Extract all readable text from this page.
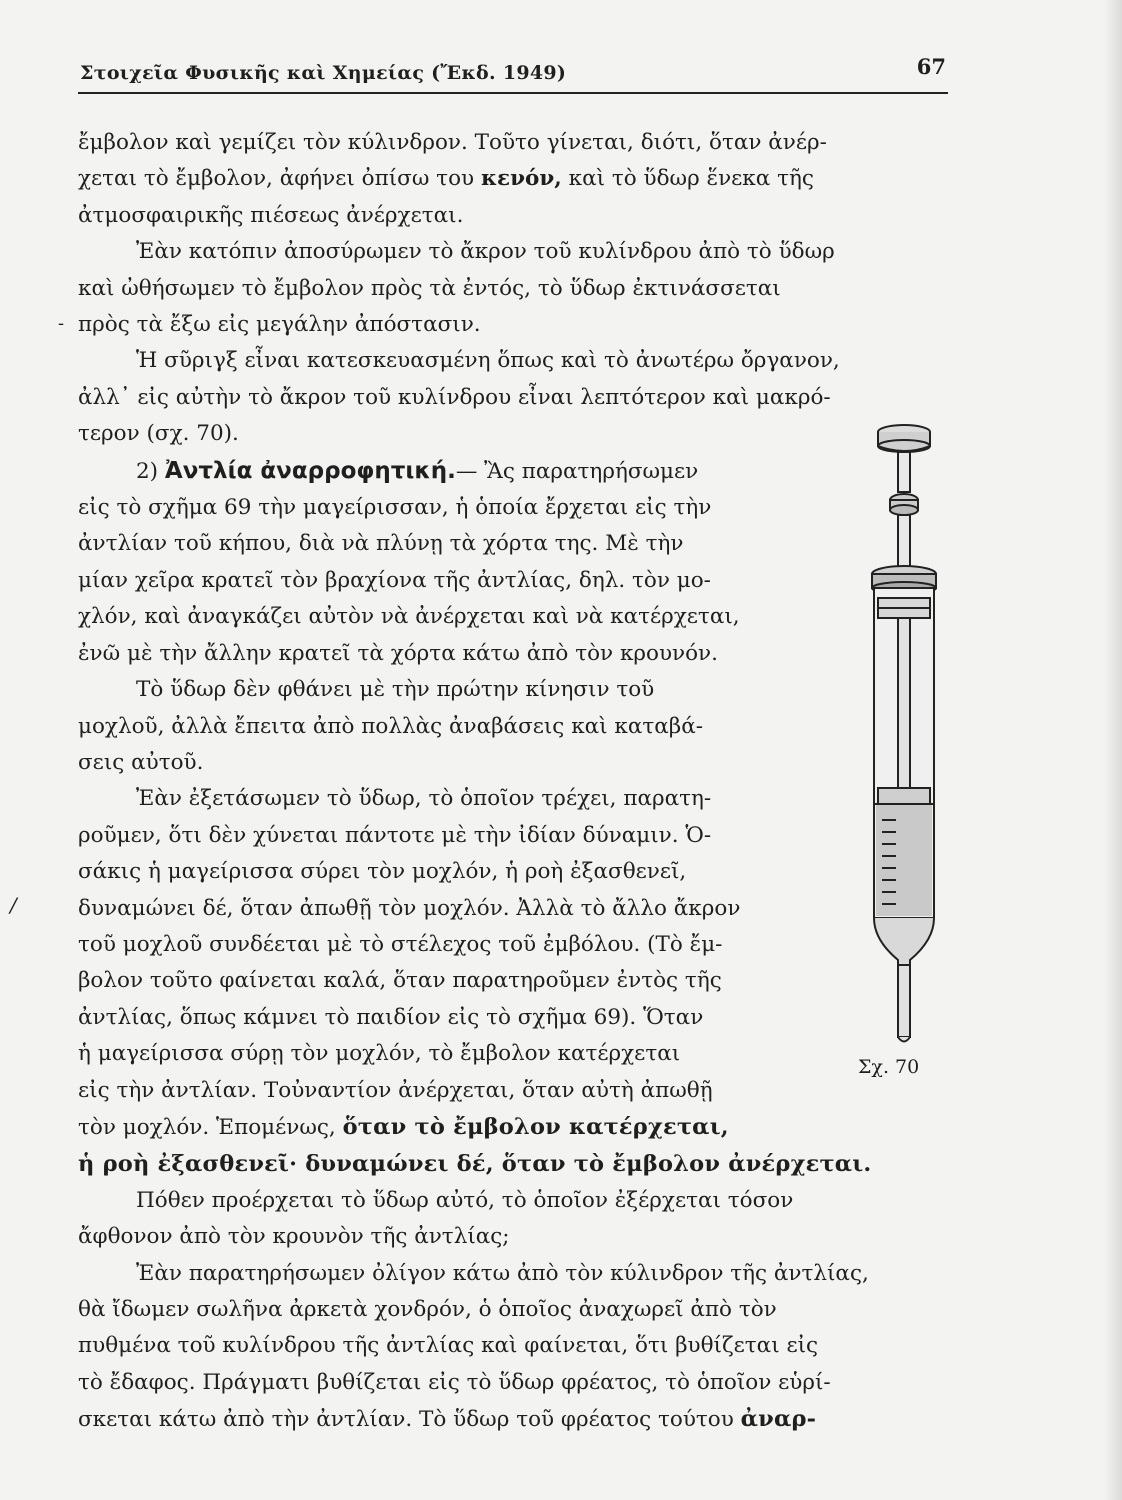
Στοιχεῖα Φυσικῆς καὶ Χημείας (Ἔκδ. 1949)	67
-
/
ἔμβολον καὶ γεμίζει τὸν κύλινδρον. Τοῦτο γίνεται, διότι, ὅταν ἀνέρ-
χεται τὸ ἔμβολον, ἀφήνει ὀπίσω του κενόν, καὶ τὸ ὕδωρ ἕνεκα τῆς
ἀτμοσφαιρικῆς πιέσεως ἀνέρχεται.
Ἐὰν κατόπιν ἀποσύρωμεν τὸ ἄκρον τοῦ κυλίνδρου ἀπὸ τὸ ὕδωρ
καὶ ὠθήσωμεν τὸ ἔμβολον πρὸς τὰ ἐντός, τὸ ὕδωρ ἐκτινάσσεται
πρὸς τὰ ἔξω εἰς μεγάλην ἀπόστασιν.
Ἡ σῦριγξ εἶναι κατεσκευασμένη ὅπως καὶ τὸ ἀνωτέρω ὄργανον,
ἀλλ᾿ εἰς αὐτὴν τὸ ἄκρον τοῦ κυλίνδρου εἶναι λεπτότερον καὶ μακρό-
τερον (σχ. 70).
2) Ἀντλία ἀναρροφητική.— Ἂς παρατηρήσωμεν
εἰς τὸ σχῆμα 69 τὴν μαγείρισσαν, ἡ ὁποία ἔρχεται εἰς τὴν
ἀντλίαν τοῦ κήπου, διὰ νὰ πλύνῃ τὰ χόρτα της. Μὲ τὴν
μίαν χεῖρα κρατεῖ τὸν βραχίονα τῆς ἀντλίας, δηλ. τὸν μο-
χλόν, καὶ ἀναγκάζει αὐτὸν νὰ ἀνέρχεται καὶ νὰ κατέρχεται,
ἐνῶ μὲ τὴν ἄλλην κρατεῖ τὰ χόρτα κάτω ἀπὸ τὸν κρουνόν.
Τὸ ὕδωρ δὲν φθάνει μὲ τὴν πρώτην κίνησιν τοῦ
μοχλοῦ, ἀλλὰ ἔπειτα ἀπὸ πολλὰς ἀναβάσεις καὶ καταβά-
σεις αὐτοῦ.
Ἐὰν ἐξετάσωμεν τὸ ὕδωρ, τὸ ὁποῖον τρέχει, παρατη-
ροῦμεν, ὅτι δὲν χύνεται πάντοτε μὲ τὴν ἰδίαν δύναμιν. Ὁ-
σάκις ἡ μαγείρισσα σύρει τὸν μοχλόν, ἡ ροὴ ἐξασθενεῖ,
δυναμώνει δέ, ὅταν ἀπωθῇ τὸν μοχλόν. Ἀλλὰ τὸ ἄλλο ἄκρον
τοῦ μοχλοῦ συνδέεται μὲ τὸ στέλεχος τοῦ ἐμβόλου. (Τὸ ἔμ-
βολον τοῦτο φαίνεται καλά, ὅταν παρατηροῦμεν ἐντὸς τῆς
ἀντλίας, ὅπως κάμνει τὸ παιδίον εἰς τὸ σχῆμα 69). Ὅταν
ἡ μαγείρισσα σύρῃ τὸν μοχλόν, τὸ ἔμβολον κατέρχεται
εἰς τὴν ἀντλίαν. Τοὐναντίον ἀνέρχεται, ὅταν αὐτὴ ἀπωθῇ
τὸν μοχλόν. Ἑπομένως, ὅταν τὸ ἔμβολον κατέρχεται,
ἡ ροὴ ἐξασθενεῖ· δυναμώνει δέ, ὅταν τὸ ἔμβολον ἀνέρχεται.
Πόθεν προέρχεται τὸ ὕδωρ αὐτό, τὸ ὁποῖον ἐξέρχεται τόσον
ἄφθονον ἀπὸ τὸν κρουνὸν τῆς ἀντλίας;
Ἐὰν παρατηρήσωμεν ὀλίγον κάτω ἀπὸ τὸν κύλινδρον τῆς ἀντλίας,
θὰ ἴδωμεν σωλῆνα ἀρκετὰ χονδρόν, ὁ ὁποῖος ἀναχωρεῖ ἀπὸ τὸν
πυθμένα τοῦ κυλίνδρου τῆς ἀντλίας καὶ φαίνεται, ὅτι βυθίζεται εἰς
τὸ ἔδαφος. Πράγματι βυθίζεται εἰς τὸ ὕδωρ φρέατος, τὸ ὁποῖον εὑρί-
σκεται κάτω ἀπὸ τὴν ἀντλίαν. Τὸ ὕδωρ τοῦ φρέατος τούτου ἀναρ-
Σχ. 70
